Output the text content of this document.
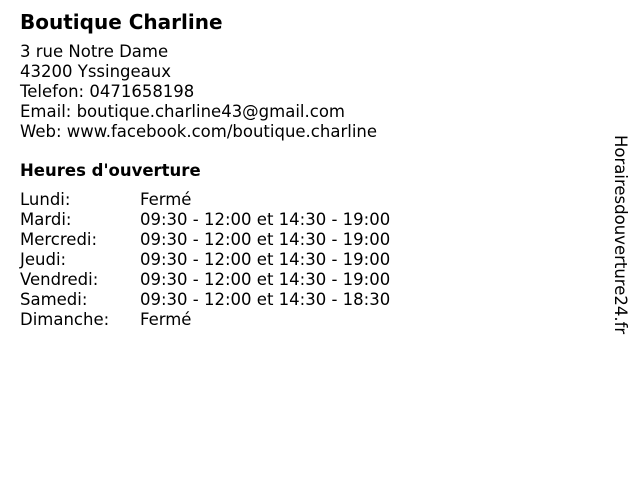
Boutique Charline
3 rue Notre Dame
43200 Yssingeaux
Telefon: 0471658198
Email: boutique.charline43@gmail.com
Web: www.facebook.com/boutique.charline
Heures d'ouverture
Lundi:	Fermé
Mardi:	09:30 - 12:00 et 14:30 - 19:00
Mercredi:	09:30 - 12:00 et 14:30 - 19:00
Jeudi:	09:30 - 12:00 et 14:30 - 19:00
Vendredi:	09:30 - 12:00 et 14:30 - 19:00
Samedi:	09:30 - 12:00 et 14:30 - 18:30
Dimanche:	Fermé	Horairesdouverture24.fr
